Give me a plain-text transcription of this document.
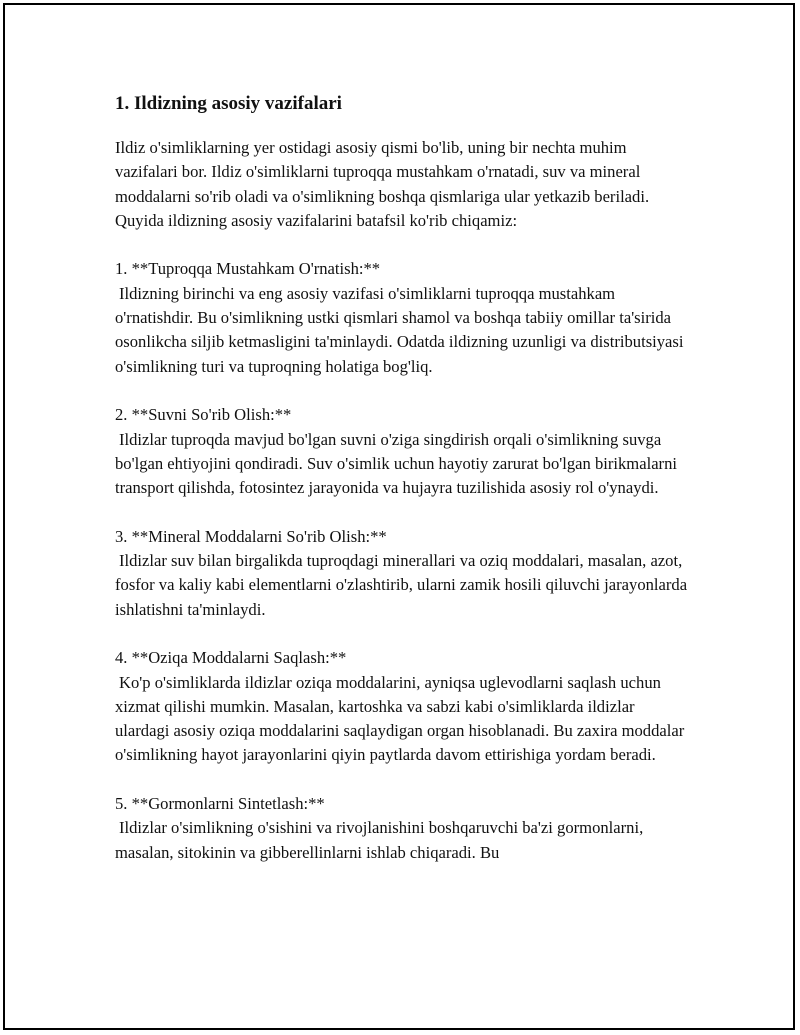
1. Ildizning asosiy vazifalari

Ildiz o'simliklarning yer ostidagi asosiy qismi bo'lib, uning bir nechta muhim vazifalari bor. Ildiz o'simliklarni tuproqqa mustahkam o'rnatadi, suv va mineral moddalarni so'rib oladi va o'simlikning boshqa qismlariga ular yetkazib beriladi. Quyida ildizning asosiy vazifalarini batafsil ko'rib chiqamiz:

1. **Tuproqqa Mustahkam O'rnatish:**

Ildizning birinchi va eng asosiy vazifasi o'simliklarni tuproqqa mustahkam o'rnatishdir. Bu o'simlikning ustki qismlari shamol va boshqa tabiiy omillar ta'sirida osonlikcha siljib ketmasligini ta'minlaydi. Odatda ildizning uzunligi va distributsiyasi o'simlikning turi va tuproqning holatiga bog'liq.

2. **Suvni So'rib Olish:**

Ildizlar tuproqda mavjud bo'lgan suvni o'ziga singdirish orqali o'simlikning suvga bo'lgan ehtiyojini qondiradi. Suv o'simlik uchun hayotiy zarurat bo'lgan birikmalarni transport qilishda, fotosintez jarayonida va hujayra tuzilishida asosiy rol o'ynaydi.

3. **Mineral Moddalarni So'rib Olish:**

Ildizlar suv bilan birgalikda tuproqdagi minerallari va oziq moddalari, masalan, azot, fosfor va kaliy kabi elementlarni o'zlashtirib, ularni zamik hosili qiluvchi jarayonlarda ishlatishni ta'minlaydi.

4. **Oziqa Moddalarni Saqlash:**

Ko'p o'simliklarda ildizlar oziqa moddalarini, ayniqsa uglevodlarni saqlash uchun xizmat qilishi mumkin. Masalan, kartoshka va sabzi kabi o'simliklarda ildizlar ulardagi asosiy oziqa moddalarini saqlaydigan organ hisoblanadi. Bu zaxira moddalar o'simlikning hayot jarayonlarini qiyin paytlarda davom ettirishiga yordam beradi.

5. **Gormonlarni Sintetlash:**

Ildizlar o'simlikning o'sishini va rivojlanishini boshqaruvchi ba'zi gormonlarni, masalan, sitokinin va gibberellinlarni ishlab chiqaradi. Bu
